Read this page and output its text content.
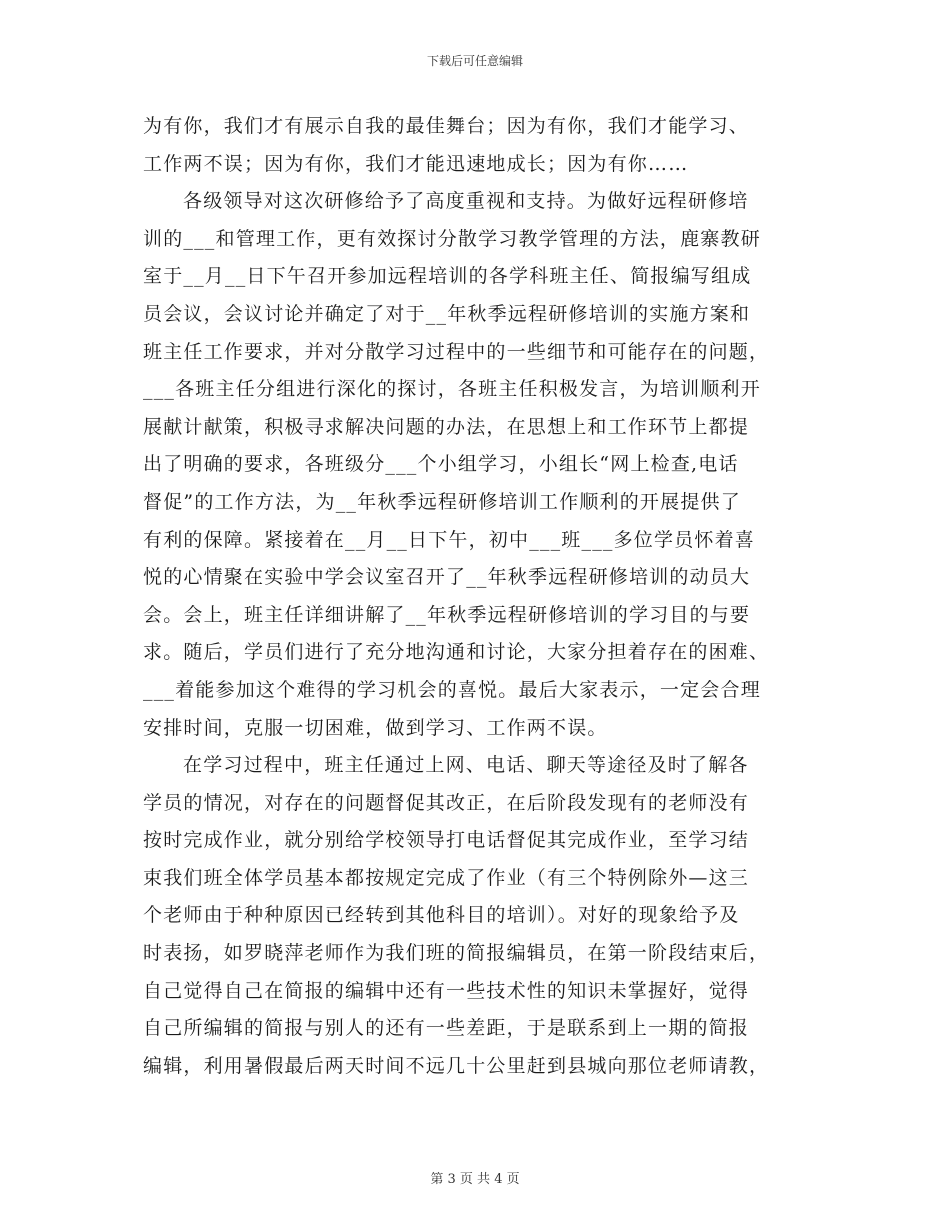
下载后可任意编辑
为有你，我们才有展示自我的最佳舞台；因为有你，我们才能学习、
工作两不误；因为有你，我们才能迅速地成长；因为有你……
各级领导对这次研修给予了高度重视和支持。为做好远程研修培
训的___和管理工作，更有效探讨分散学习教学管理的方法，鹿寨教研
室于__月__日下午召开参加远程培训的各学科班主任、简报编写组成
员会议，会议讨论并确定了对于__年秋季远程研修培训的实施方案和
班主任工作要求，并对分散学习过程中的一些细节和可能存在的问题，
___各班主任分组进行深化的探讨，各班主任积极发言，为培训顺利开
展献计献策，积极寻求解决问题的办法，在思想上和工作环节上都提
出了明确的要求，各班级分___个小组学习，小组长“网上检查,电话
督促”的工作方法，为__年秋季远程研修培训工作顺利的开展提供了
有利的保障。紧接着在__月__日下午，初中___班___多位学员怀着喜
悦的心情聚在实验中学会议室召开了__年秋季远程研修培训的动员大
会。会上，班主任详细讲解了__年秋季远程研修培训的学习目的与要
求。随后，学员们进行了充分地沟通和讨论，大家分担着存在的困难、
___着能参加这个难得的学习机会的喜悦。最后大家表示，一定会合理
安排时间，克服一切困难，做到学习、工作两不误。
在学习过程中，班主任通过上网、电话、聊天等途径及时了解各
学员的情况，对存在的问题督促其改正，在后阶段发现有的老师没有
按时完成作业，就分别给学校领导打电话督促其完成作业，至学习结
束我们班全体学员基本都按规定完成了作业（有三个特例除外—这三
个老师由于种种原因已经转到其他科目的培训）。对好的现象给予及
时表扬，如罗晓萍老师作为我们班的简报编辑员，在第一阶段结束后，
自己觉得自己在简报的编辑中还有一些技术性的知识未掌握好，觉得
自己所编辑的简报与别人的还有一些差距，于是联系到上一期的简报
编辑，利用暑假最后两天时间不远几十公里赶到县城向那位老师请教，
第 3 页 共 4 页
